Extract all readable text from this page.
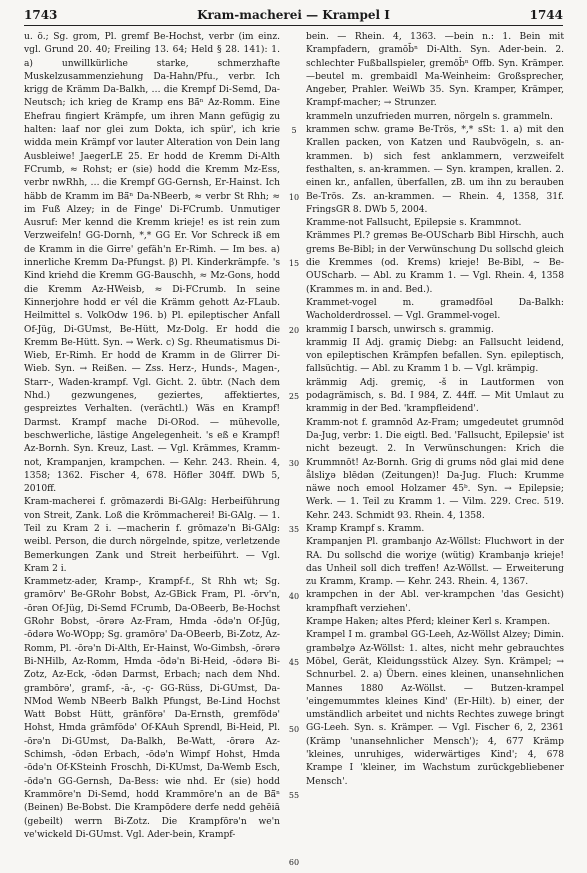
1743	Kram-macherei — Krampel I	1744

u. ö.; Sg. grom, Pl. gremf Be-Hochst, verbr (im einz. vgl. Grund 20. 40; Freiling 13. 64; Held § 28. 141): 1. a) unwillkürliche starke, schmerzhafte Muskelzusammenziehung Da-Hahn/Pfu., verbr. Ich krigg de Krämm Da-Balkh, … die Krempf Di-Semd, Da-Neutsch; ich krieg de Kramp ens Bä̃ⁿ Az-Romm. Eine Ehefrau fingiert Krämpfe, um ihren Mann gefügig zu halten: laaf nor glei zum Dokta, ich spür', ich krie widda mein Krämpf vor lauter Alteration von Dein lang Ausbleiwe! JaegerLE 25. Er hodd de Kremm Di-Alth FCrumb, ≈ Rohst; er (sie) hodd die Kremm Mz-Ess, verbr nwRhh, … die Krempf GG-Gernsh, Er-Hainst. Ich häbb de Kramm im Bä̃ⁿ Da-NBeerb, ≈ verbr St Rhh; ≈ im Fuß Alzey; in de Finge' Di-FCrumb. Unmutiger Ausruf: Mer kennd die Kremm krieje! es ist rein zum Verzweifeln! GG-Dornh, *,* GG Er. Vor Schreck iß em de Kramm in die Girre' gefäh'n Er-Rimh. — Im bes. a) innerliche Kremm Da-Pfungst. β) Pl. Kinderkrämpfe. 's Kind kriehd die Kremm GG-Bauschh, ≈ Mz-Gons, hodd die Kremm Az-HWeisb, ≈ Di-FCrumb. In seine Kinnerjohre hodd er vél die Krämm gehott Az-FLaub. Heilmittel s. VolkOdw 196. b) Pl. epileptischer Anfall Of-Jüg, Di-GUmst, Be-Hütt, Mz-Dolg. Er hodd die Kremm Be-Hütt. Syn. → Werk. c) Sg. Rheumatismus Di-Wieb, Er-Rimh. Er hodd de Kramm in de Glirrer Di-Wieb. Syn. → Reißen. — Zss. Herz-, Hunds-, Magen-, Starr-, Waden-krampf. Vgl. Gicht. 2. übtr. (Nach dem Nhd.) gezwungenes, geziertes, affektiertes, gespreiztes Verhalten. (verächtl.) Wäs en Krampf! Darmst. Krampf mache Di-ORod. — mühevolle, beschwerliche, lästige Angelegenheit. 's eß e Krampf! Az-Bornh. Syn. Kreuz, Last. — Vgl. Krämmes, Kramm-not, Krampanjen, krampchen. — Kehr. 243. Rhein. 4, 1358; 1362. Fischer 4, 678. Höfler 304ff. DWb 5, 2010ff.

Kram-macherei f. grōmazərdi Bi-GAlg: Herbeiführung von Streit, Zank. Loß die Krömmacherei! Bi-GAlg. — 1. Teil zu Kram 2 i. —macherin f. grōmazə'n Bi-GAlg: weibl. Person, die durch nörgelnde, spitze, verletzende Bemerkungen Zank und Streit herbeiführt. — Vgl. Kram 2 i.

Krammetz-ader, Kramp-, Krampf-f., St Rhh wt; Sg. gramōrv' Be-GRohr Bobst, Az-GBick Fram, Pl. -ōrv'n, -ōrən Of-Jüg, Di-Semd FCrumb, Da-OBeerb, Be-Hochst GRohr Bobst, -ōrərə Az-Fram, Hmda -ōdə'n Of-Jüg, -ōdərə Wo-WOpp; Sg. gramōrə' Da-OBeerb, Bi-Zotz, Az-Romm, Pl. -ōrə'n Di-Alth, Er-Hainst, Wo-Gimbsh, -ōrərə Bi-NHilb, Az-Romm, Hmda -ōdə'n Bi-Heid, -ōdərə Bi-Zotz, Az-Eck, -ōdən Darmst, Erbach; nach dem Nhd. grambōrə', gramf-, -ā-, -ç- GG-Rüss, Di-GUmst, Da-NMod Wemb NBeerb Balkh Pfungst, Be-Lind Hochst Watt Bobst Hütt, grānfōrə' Da-Ernsth, gremfōdə' Hohst, Hmda grāmfōdə' Of-KAuh Sprendl, Bi-Heid, Pl. -ōrə'n Di-GUmst, Da-Balkh, Be-Watt, -ōrərə Az-Schimsh, -ōdən Erbach, -ōdə'n Wimpf Hohst, Hmda -ōdə'n Of-KSteinh Froschh, Di-KUmst, Da-Wemb Esch, -ōdə'n GG-Gernsh, Da-Bess: wie nhd. Er (sie) hodd Krammōre'n Di-Semd, hodd Krammōre'n an de Bä̃ⁿ (Beinen) Be-Bobst. Die Krampōdere derfe nedd gehēiā (gebeilt) werrn Bi-Zotz. Die Krampfōrə'n we'n ve'wickeld Di-GUmst. Vgl. Ader-bein, Krampf-

5
10
15
20
25
30
35
40
45
50
55
60

bein. — Rhein. 4, 1363. —bein n.: 1. Bein mit Krampfadern, gramōb̄ⁿ Di-Alth. Syn. Ader-bein. 2. schlechter Fußballspieler, gremōb̄ⁿ Offb. Syn. Krämper. —beutel m. grembaidl Ma-Weinheim: Großsprecher, Angeber, Prahler. WeiWb 35. Syn. Kramper, Krämper, Krampf-macher; → Strunzer.

krammeln unzufrieden murren, nörgeln s. grammeln.

krammen schw. gramə Be-Trös, *,* sSt: 1. a) mit den Krallen packen, von Katzen und Raubvögeln, s. an-krammen. b) sich fest anklammern, verzweifelt festhalten, s. an-krammen. — Syn. krampen, krallen. 2. einen kr., anfallen, überfallen, zB. um ihn zu berauben Be-Trös. Zs. an-krammen. — Rhein. 4, 1358, 31f. FringsGR 8. DWb 5, 2004.

Kramme-not Fallsucht, Epilepsie s. Krammnot.

Krämmes Pl.? greməs Be-OUScharb Bibl Hirschh, auch grems Be-Bibl; in der Verwünschung Du sollschd gleich die Kremmes (od. Krems) krieje! Be-Bibl, ~ Be-OUScharb. — Abl. zu Kramm 1. — Vgl. Rhein. 4, 1358 (Krammes m. in and. Bed.).

Krammet-vogel m. gramədfōəl Da-Balkh: Wacholderdrossel. — Vgl. Grammel-vogel.

krammig I barsch, unwirsch s. grammig.

krammig II Adj. gramiç Diebg: an Fallsucht leidend, von epileptischen Krämpfen befallen. Syn. epileptisch, fallsüchtig. — Abl. zu Kramm 1 b. — Vgl. krämpig.

krämmig Adj. gremiç, -š in Lautformen von podagrämisch, s. Bd. I 984, Z. 44ff. — Mit Umlaut zu krammig in der Bed. 'krampfleidend'.

Kramm-not f. gramnōd Az-Fram; umgedeutet grumnōd Da-Jug, verbr: 1. Die eigtl. Bed. 'Fallsucht, Epilepsie' ist nicht bezeugt. 2. In Verwünschungen: Krich die Krummnōt! Az-Bornh. Grig di grums nōd glai mid dene ålsliχə blēdən (Zeitungen)! Da-Jug. Fluch: Krumme näwe noch emool Holzamer 45ᵇ. Syn. → Epilepsie; Werk. — 1. Teil zu Kramm 1. — Vilm. 229. Crec. 519. Kehr. 243. Schmidt 93. Rhein. 4, 1358.

Kramp Krampf s. Kramm.

Krampanjen Pl. grambanjo Az-Wöllst: Fluchwort in der RA. Du sollschd die woriχe (wütig) Krambanjə krieje! das Unheil soll dich treffen! Az-Wöllst. — Erweiterung zu Kramm, Kramp. — Kehr. 243. Rhein. 4, 1367.

krampchen in der Abl. ver-krampchen 'das Gesicht) krampfhaft verziehen'.

Krampe Haken; altes Pferd; kleiner Kerl s. Krampen.

Krampel I m. grambəl GG-Leeh, Az-Wöllst Alzey; Dimin. grambəlχə Az-Wöllst: 1. altes, nicht mehr gebrauchtes Möbel, Gerät, Kleidungsstück Alzey. Syn. Krämpel; → Schnurbel. 2. a) Übern. eines kleinen, unansehnlichen Mannes 1880 Az-Wöllst. — Butzen-krampel 'eingemummtes kleines Kind' (Er-Hilt). b) einer, der umständlich arbeitet und nichts Rechtes zuwege bringt GG-Leeh. Syn. s. Krämper. — Vgl. Fischer 6, 2, 2361 (Krämp 'unansehnlicher Mensch'); 4, 677 Krämp 'kleines, unruhiges, widerwärtiges Kind'; 4, 678 Krampe I 'kleiner, im Wachstum zurückgebliebener Mensch'.
